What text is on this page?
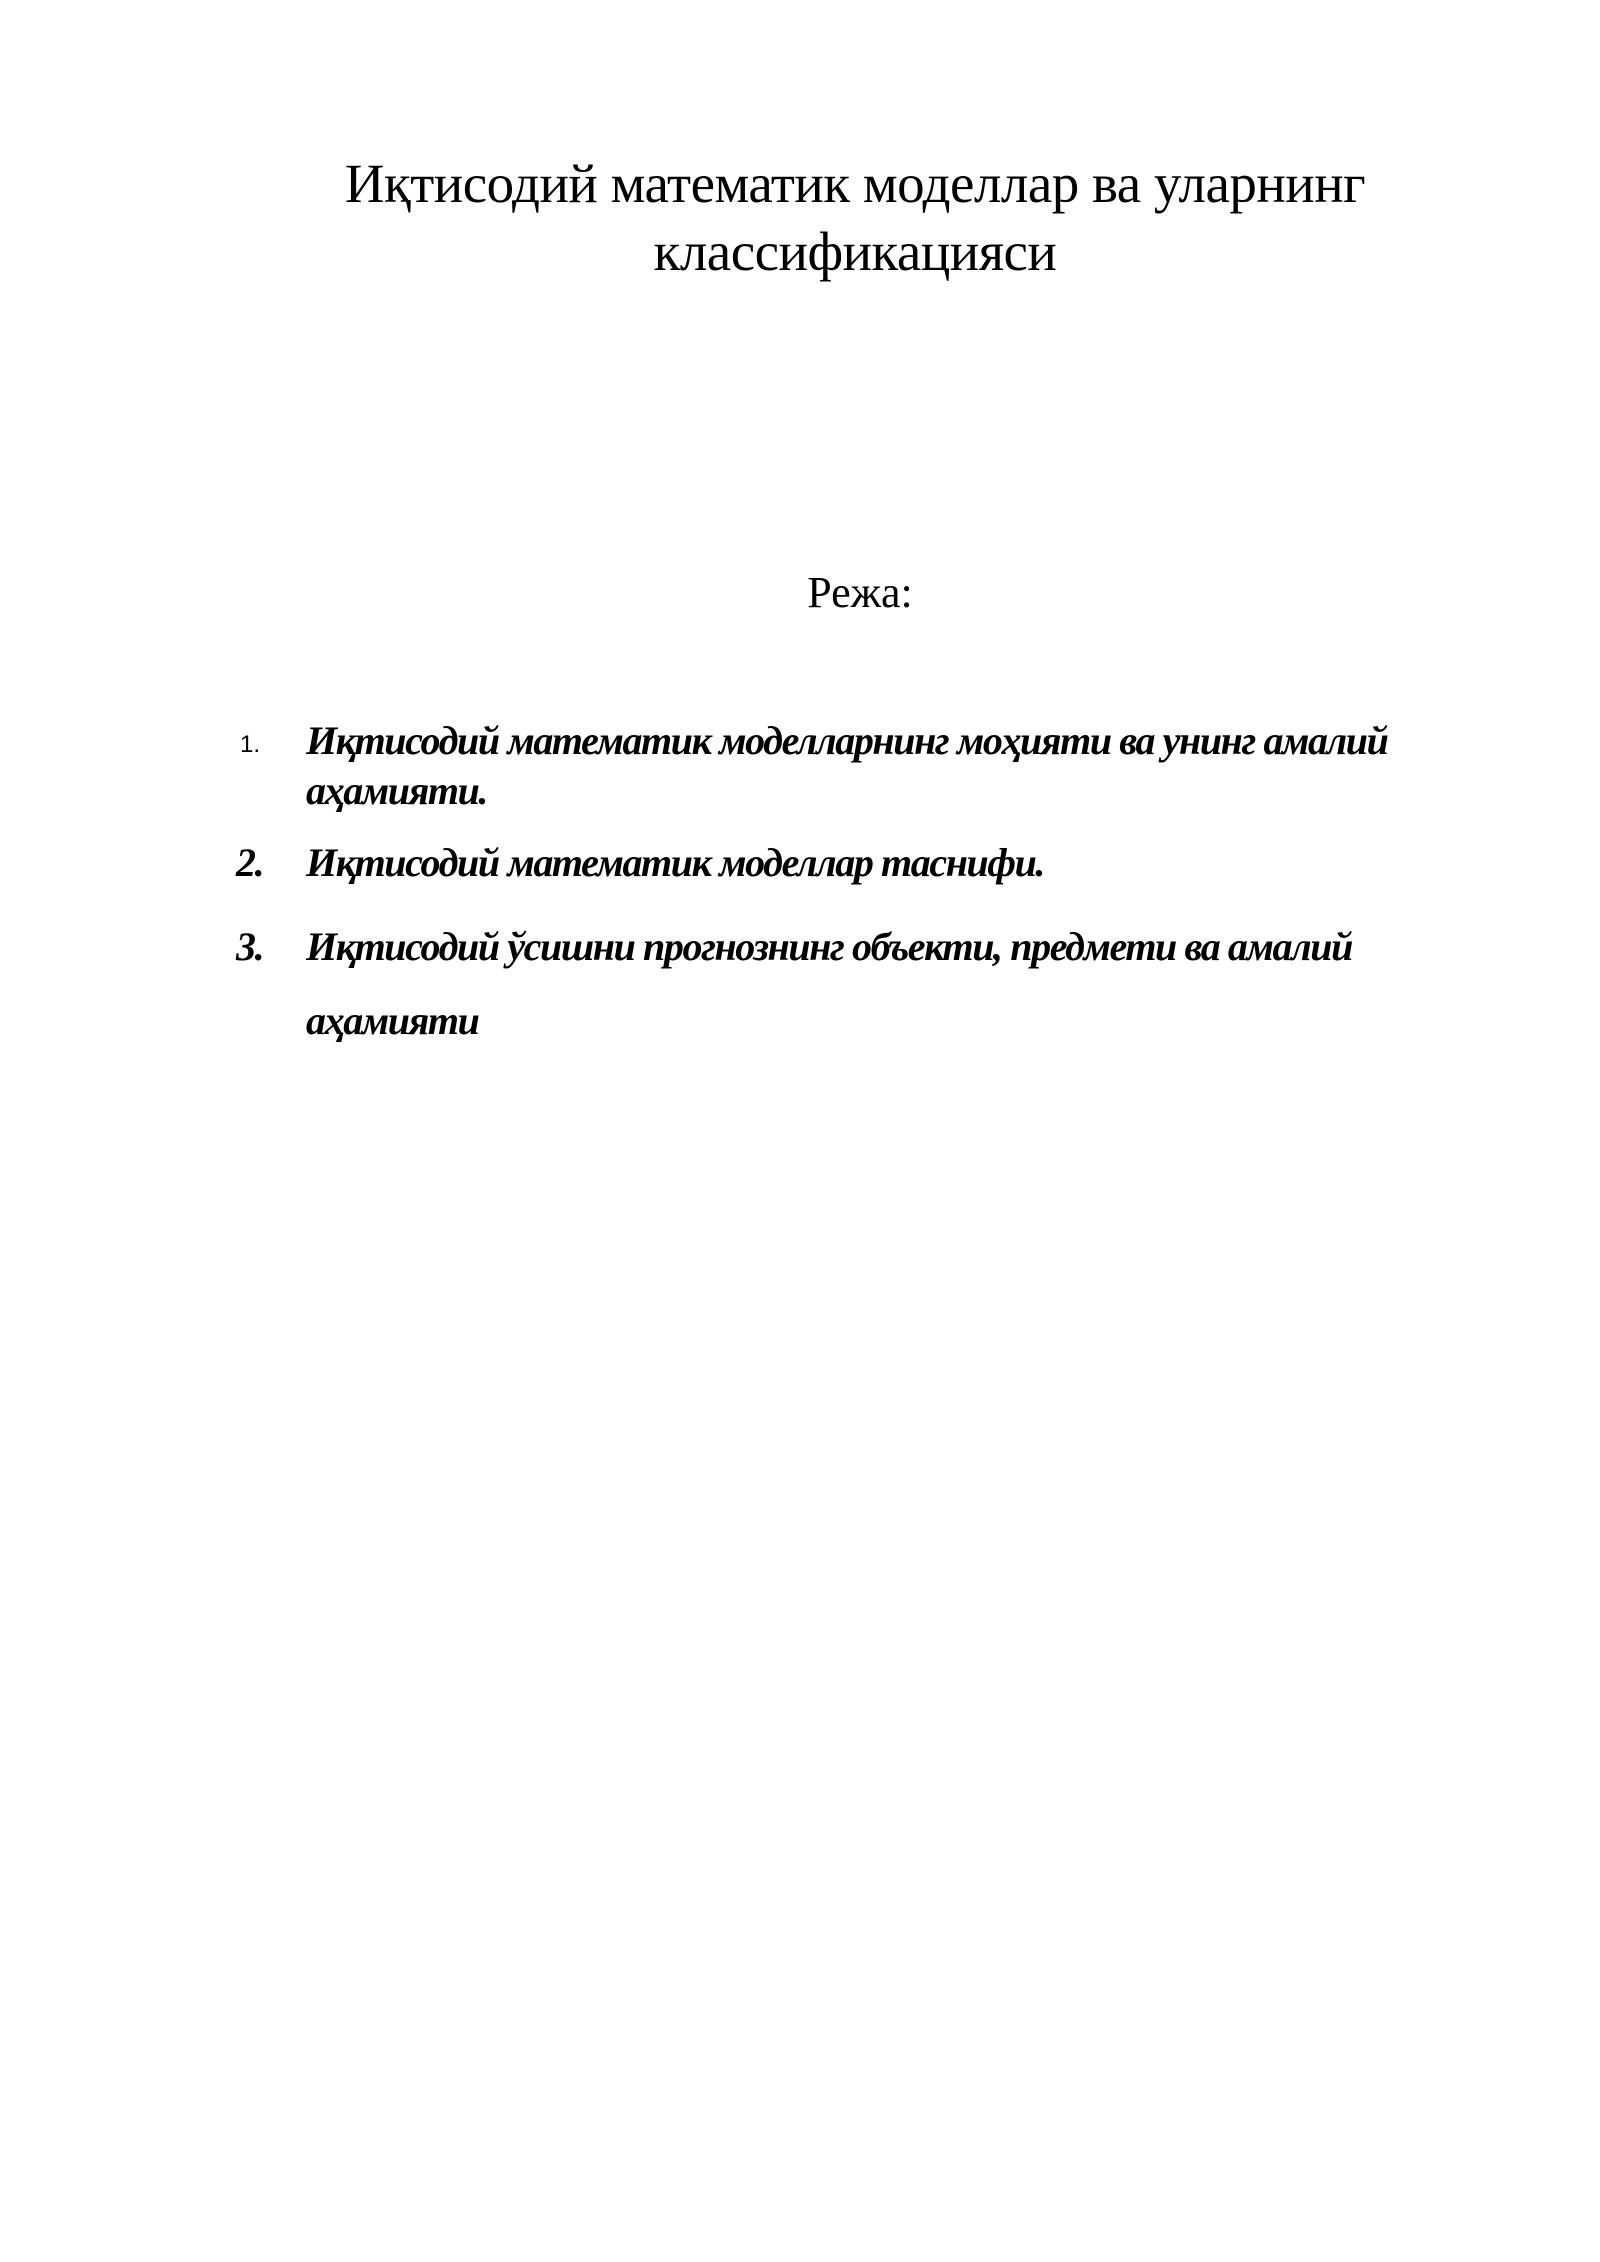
Иқтисодий математик моделлар ва уларнинг классификацияси

Режа:

1. Иқтисодий математик моделларнинг моҳияти ва унинг амалий аҳамияти.
2. Иқтисодий математик моделлар таснифи.
3. Иқтисодий ўсишни прогнознинг объекти, предмети ва амалий аҳамияти
